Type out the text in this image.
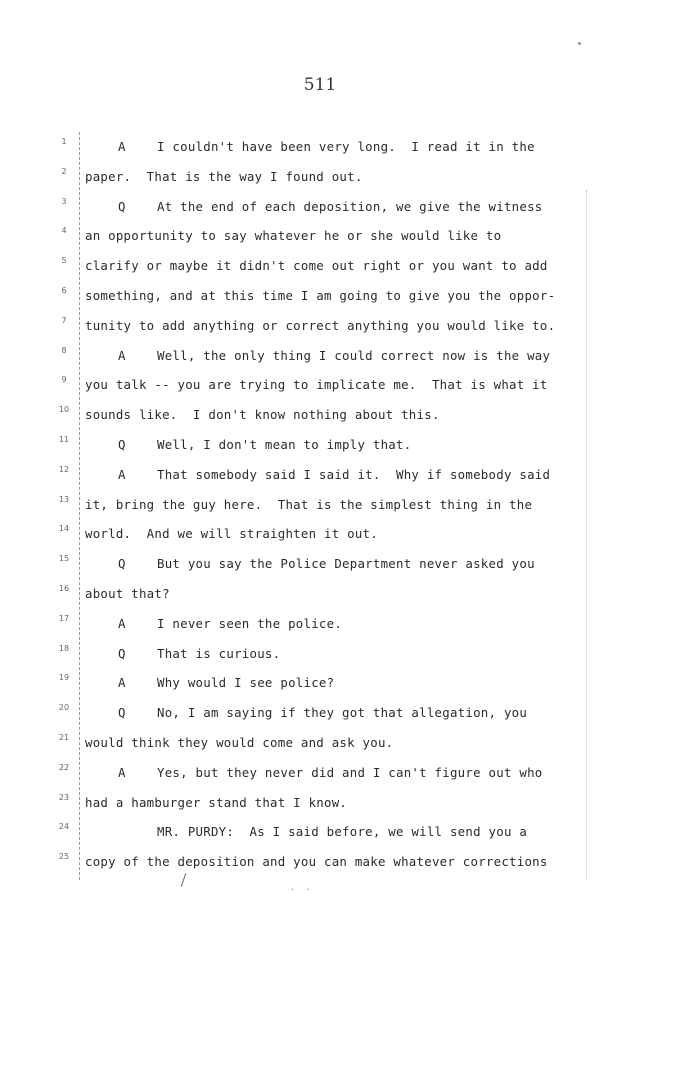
511
1	A	I couldn't have been very long.  I read it in the
2	paper.  That is the way I found out.
3	Q	At the end of each deposition, we give the witness
4	an opportunity to say whatever he or she would like to
5	clarify or maybe it didn't come out right or you want to add
6	something, and at this time I am going to give you the oppor-
7	tunity to add anything or correct anything you would like to.
8	A	Well, the only thing I could correct now is the way
9	you talk -- you are trying to implicate me.  That is what it
10 sounds like.  I don't know nothing about this.
11	Q	Well, I don't mean to imply that.
12	A	That somebody said I said it.  Why if somebody said
13 it, bring the guy here.  That is the simplest thing in the
14 world.  And we will straighten it out.
15	Q	But you say the Police Department never asked you
16 about that?
17	A	I never seen the police.
18	Q	That is curious.
19	A	Why would I see police?
20	Q	No, I am saying if they got that allegation, you
21 would think they would come and ask you.
22	A	Yes, but they never did and I can't figure out who
23 had a hamburger stand that I know.
24	MR. PURDY:  As I said before, we will send you a
25 copy of the deposition and you can make whatever corrections
. .
